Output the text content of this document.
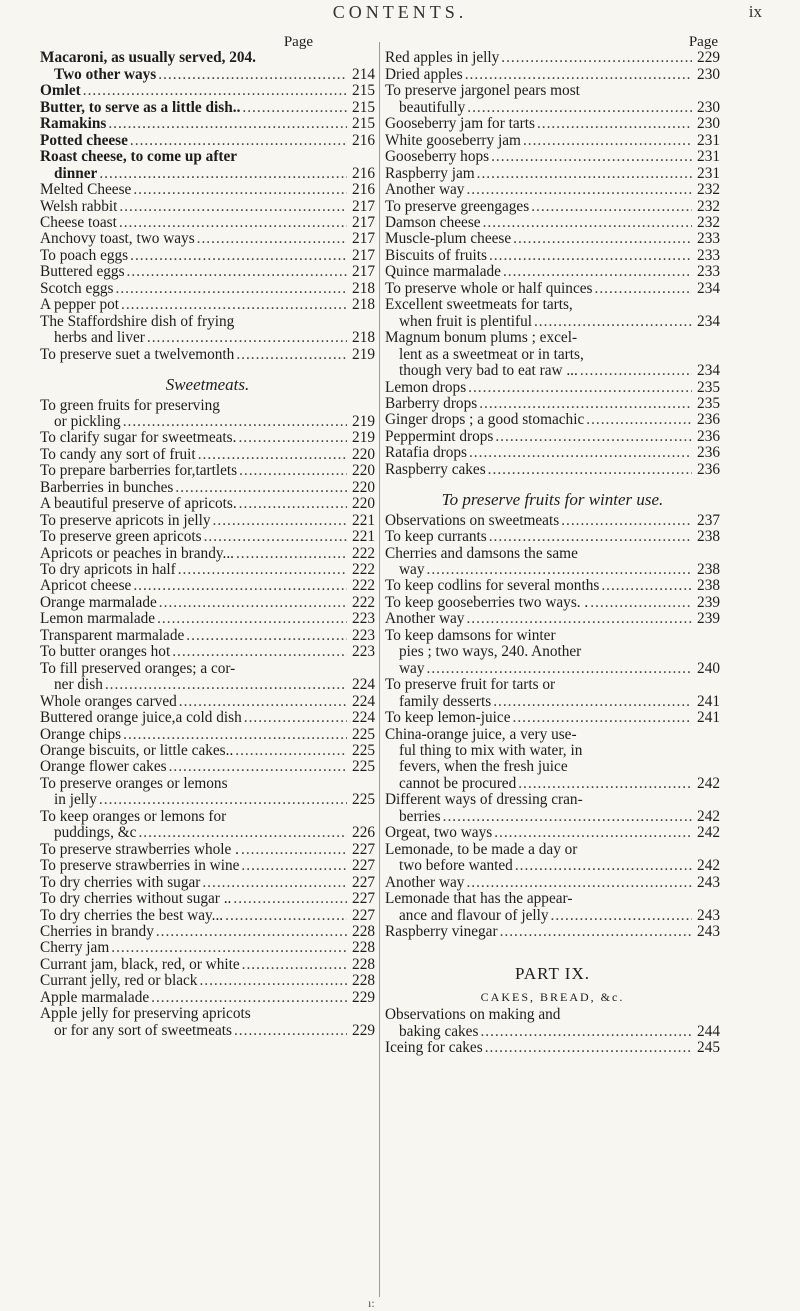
CONTENTS.	ix
Page
Macaroni, as usually served, 204.
Two other ways .....	214
Omlet .....	215
Butter, to serve as a little dish.. .....	215
Ramakins .....	215
Potted cheese .....	216
Roast cheese, to come up after
dinner .....	216
Melted Cheese .....	216
Welsh rabbit .....	217
Cheese toast .....	217
Anchovy toast, two ways .....	217
To poach eggs .....	217
Buttered eggs .....	217
Scotch eggs .....	218
A pepper pot .....	218
The Staffordshire dish of frying
herbs and liver .....	218
To preserve suet a twelvemonth .....	219
Sweetmeats.
To green fruits for preserving
or pickling .....	219
To clarify sugar for sweetmeats. .....	219
To candy any sort of fruit .....	220
To prepare barberries for,tartlets .....	220
Barberries in bunches .....	220
A beautiful preserve of apricots. .....	220
To preserve apricots in jelly .....	221
To preserve green apricots .....	221
Apricots or peaches in brandy... .....	222
To dry apricots in half .....	222
Apricot cheese .....	222
Orange marmalade .....	222
Lemon marmalade .....	223
Transparent marmalade .....	223
To butter oranges hot .....	223
To fill preserved oranges; a cor-
ner dish .....	224
Whole oranges carved .....	224
Buttered orange juice,a cold dish .....	224
Orange chips .....	225
Orange biscuits, or little cakes.. .....	225
Orange flower cakes .....	225
To preserve oranges or lemons
in jelly .....	225
To keep oranges or lemons for
puddings, &c .....	226
To preserve strawberries whole . .....	227
To preserve strawberries in wine .....	227
To dry cherries with sugar .....	227
To dry cherries without sugar .. .....	227
To dry cherries the best way... .....	227
Cherries in brandy .....	228
Cherry jam .....	228
Currant jam, black, red, or white .....	228
Currant jelly, red or black .....	228
Apple marmalade .....	229
Apple jelly for preserving apricots
or for any sort of sweetmeats .....	229
Page
Red apples in jelly .....	229
Dried apples .....	230
To preserve jargonel pears most
beautifully .....	230
Gooseberry jam for tarts .....	230
White gooseberry jam .....	231
Gooseberry hops .....	231
Raspberry jam .....	231
Another way .....	232
To preserve greengages .....	232
Damson cheese .....	232
Muscle-plum cheese .....	233
Biscuits of fruits .....	233
Quince marmalade .....	233
To preserve whole or half quinces .....	234
Excellent sweetmeats for tarts,
when fruit is plentiful .....	234
Magnum bonum plums ; excel-
lent as a sweetmeat or in tarts,
though very bad to eat raw ... .....	234
Lemon drops .....	235
Barberry drops .....	235
Ginger drops ; a good stomachic .....	236
Peppermint drops .....	236
Ratafia drops .....	236
Raspberry cakes .....	236
To preserve fruits for winter use.
Observations on sweetmeats .....	237
To keep currants .....	238
Cherries and damsons the same
way .....	238
To keep codlins for several months .....	238
To keep gooseberries two ways. . .....	239
Another way .....	239
To keep damsons for winter
pies ; two ways, 240. Another
way .....	240
To preserve fruit for tarts or
family desserts .....	241
To keep lemon-juice .....	241
China-orange juice, a very use-
ful thing to mix with water, in
fevers, when the fresh juice
cannot be procured .....	242
Different ways of dressing cran-
berries .....	242
Orgeat, two ways .....	242
Lemonade, to be made a day or
two before wanted .....	242
Another way .....	243
Lemonade that has the appear-
ance and flavour of jelly .....	243
Raspberry vinegar .....	243
PART IX.
CAKES, BREAD, &c.
Observations on making and
baking cakes .....	244
Iceing for cakes .....	245
ı:
